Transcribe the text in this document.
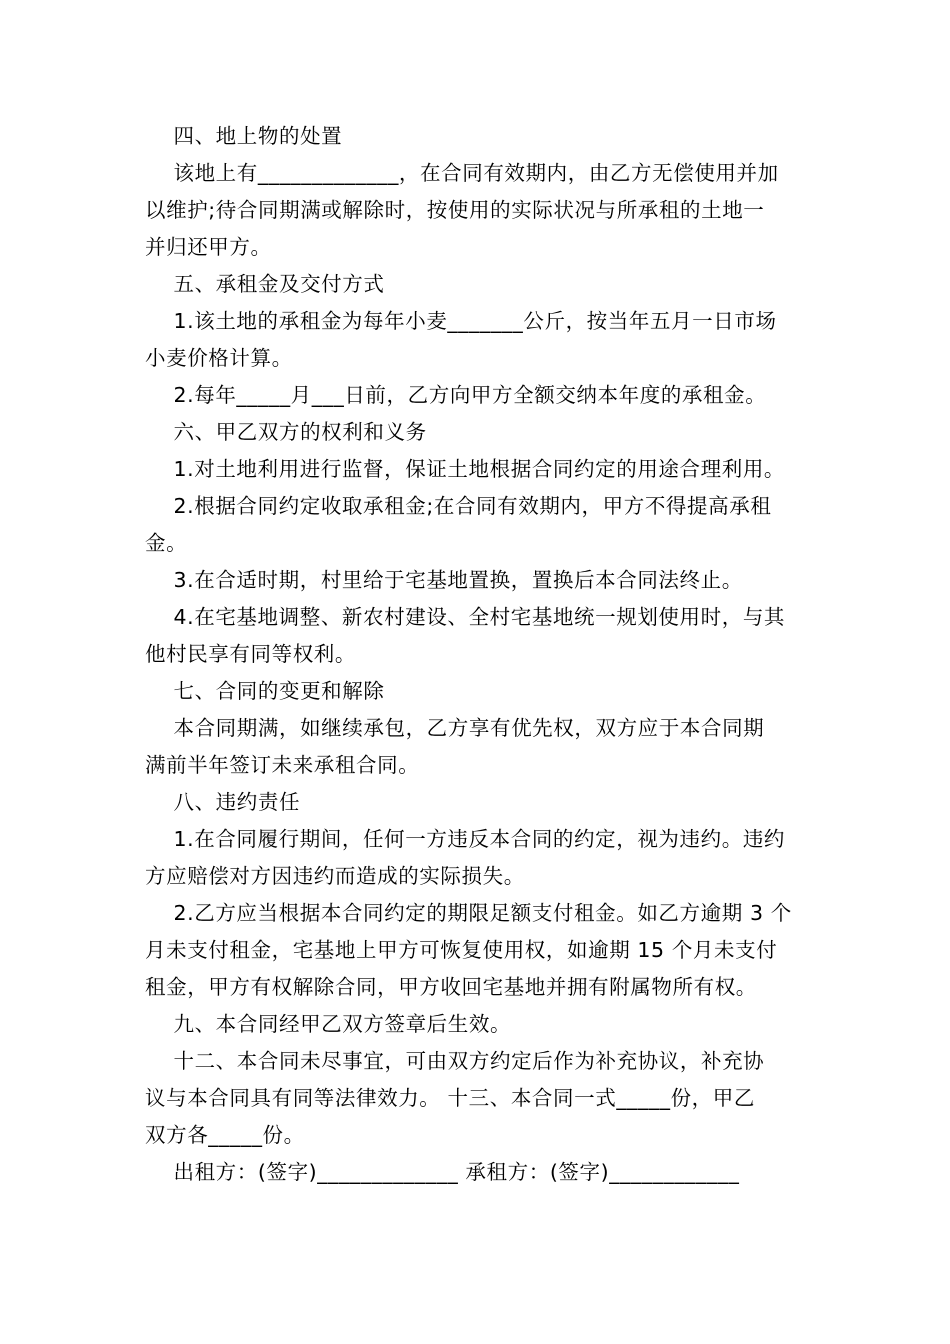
四、地上物的处置
该地上有_____________，在合同有效期内，由乙方无偿使用并加
以维护;待合同期满或解除时，按使用的实际状况与所承租的土地一
并归还甲方。
五、承租金及交付方式
1.该土地的承租金为每年小麦_______公斤，按当年五月一日市场
小麦价格计算。
2.每年_____月___日前，乙方向甲方全额交纳本年度的承租金。
六、甲乙双方的权利和义务
1.对土地利用进行监督，保证土地根据合同约定的用途合理利用。
2.根据合同约定收取承租金;在合同有效期内，甲方不得提高承租
金。
3.在合适时期，村里给于宅基地置换，置换后本合同法终止。
4.在宅基地调整、新农村建设、全村宅基地统一规划使用时，与其
他村民享有同等权利。
七、合同的变更和解除
本合同期满，如继续承包，乙方享有优先权，双方应于本合同期
满前半年签订未来承租合同。
八、违约责任
1.在合同履行期间，任何一方违反本合同的约定，视为违约。违约
方应赔偿对方因违约而造成的实际损失。
2.乙方应当根据本合同约定的期限足额支付租金。如乙方逾期 3 个
月未支付租金，宅基地上甲方可恢复使用权，如逾期 15 个月未支付
租金，甲方有权解除合同，甲方收回宅基地并拥有附属物所有权。
九、本合同经甲乙双方签章后生效。
十二、本合同未尽事宜，可由双方约定后作为补充协议，补充协
议与本合同具有同等法律效力。 十三、本合同一式_____份，甲乙
双方各_____份。
出租方：(签字)_____________ 承租方：(签字)____________
